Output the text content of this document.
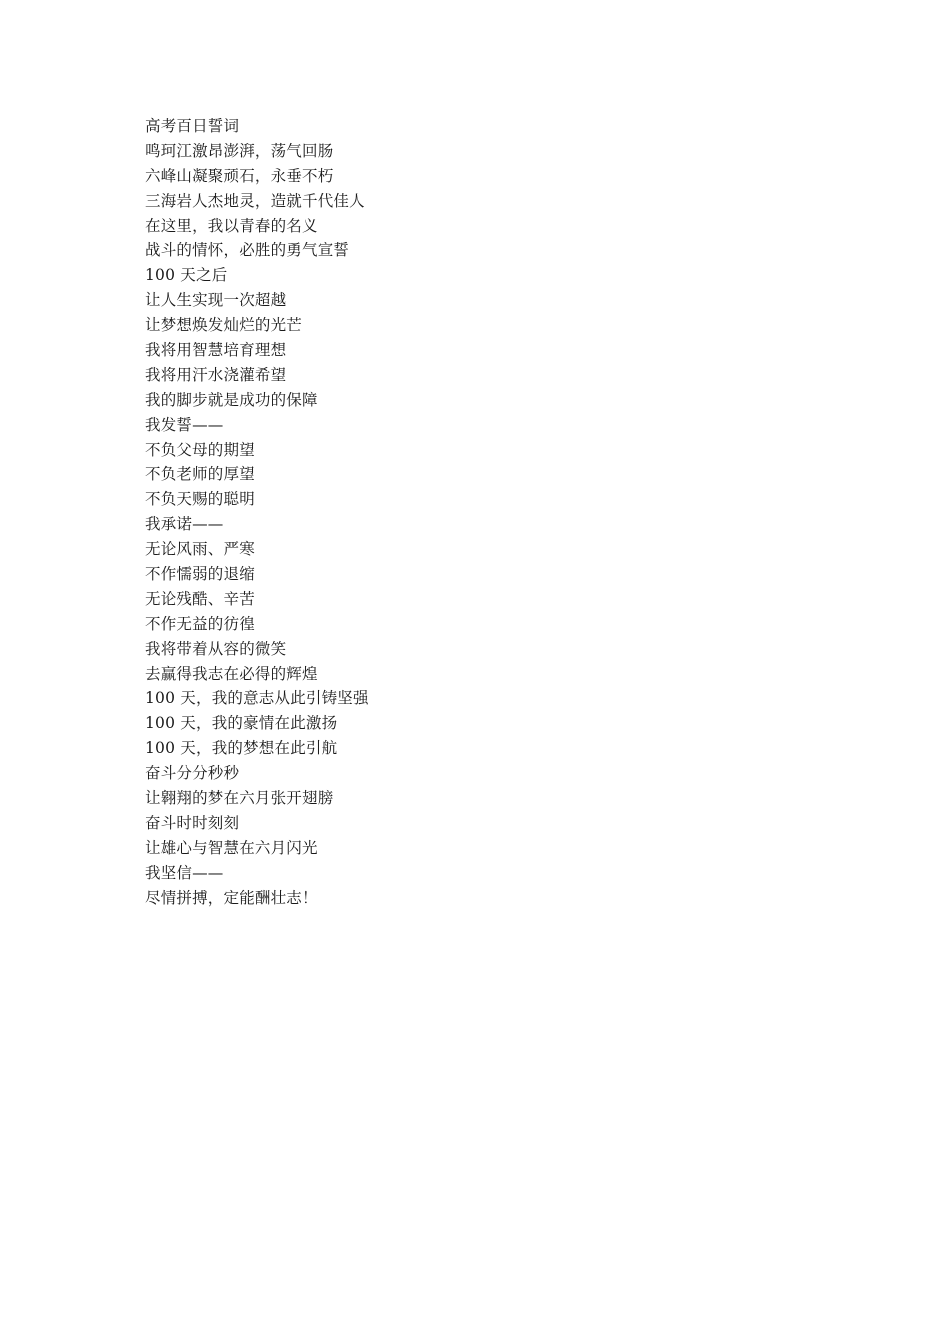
高考百日誓词
鸣珂江激昂澎湃，荡气回肠
六峰山凝聚顽石，永垂不朽
三海岩人杰地灵，造就千代佳人
在这里，我以青春的名义
战斗的情怀，必胜的勇气宣誓
100 天之后
让人生实现一次超越
让梦想焕发灿烂的光芒
我将用智慧培育理想
我将用汗水浇灌希望
我的脚步就是成功的保障
我发誓——
不负父母的期望
不负老师的厚望
不负天赐的聪明
我承诺——
无论风雨、严寒
不作懦弱的退缩
无论残酷、辛苦
不作无益的彷徨
我将带着从容的微笑
去赢得我志在必得的辉煌
100 天，我的意志从此引铸坚强
100 天，我的豪情在此激扬
100 天，我的梦想在此引航
奋斗分分秒秒
让翱翔的梦在六月张开翅膀
奋斗时时刻刻
让雄心与智慧在六月闪光
我坚信——
尽情拼搏，定能酬壮志！
